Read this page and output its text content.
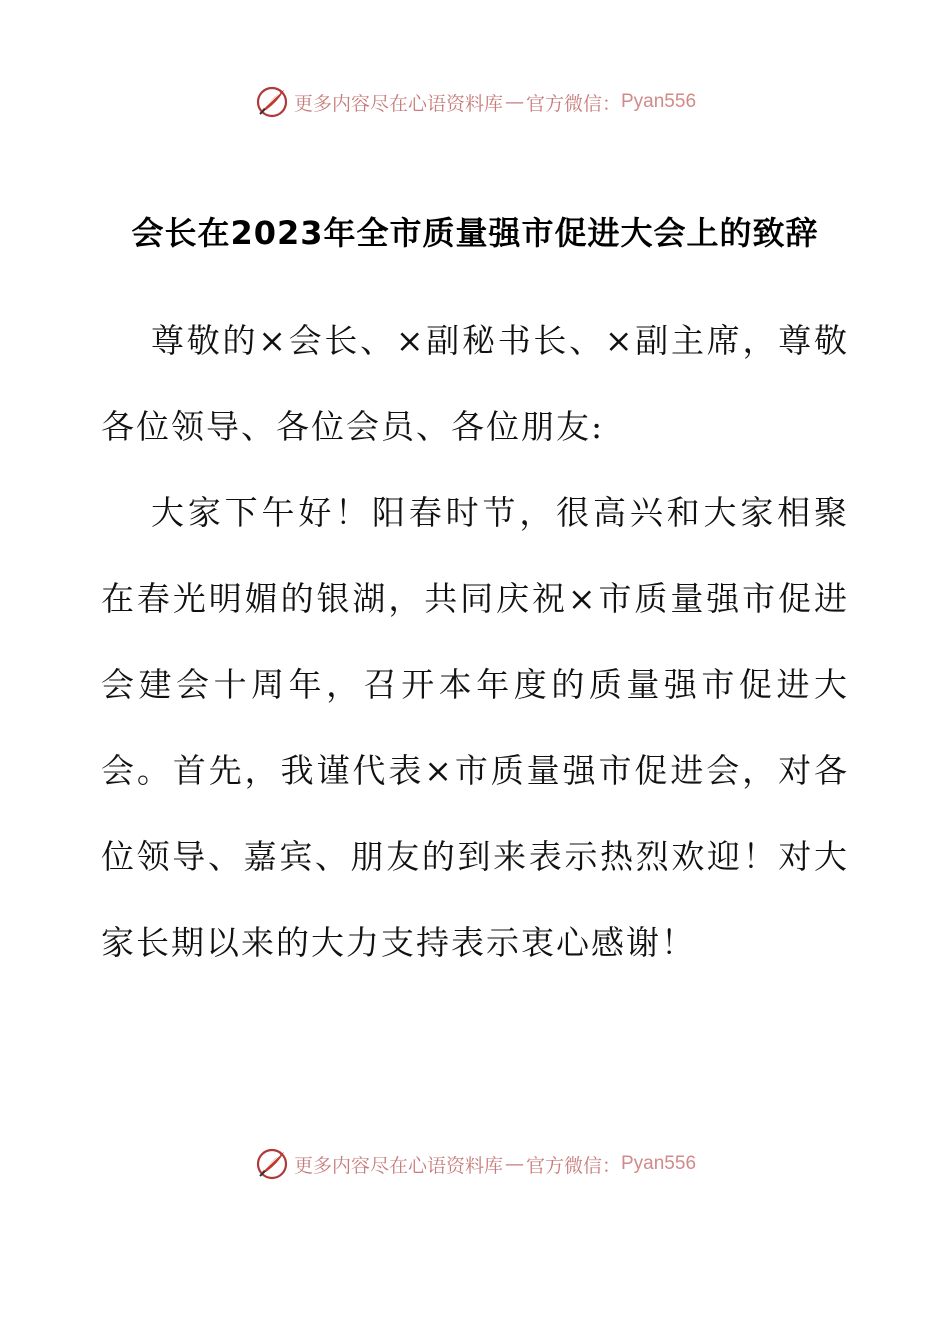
更多内容尽在心语资料库 — 官方微信： Pyan556
会长在2023年全市质量强市促进大会上的致辞

尊敬的×会长、×副秘书长、×副主席，尊敬各位领导、各位会员、各位朋友:

大家下午好！阳春时节，很高兴和大家相聚在春光明媚的银湖，共同庆祝×市质量强市促进会建会十周年，召开本年度的质量强市促进大会。首先，我谨代表×市质量强市促进会，对各位领导、嘉宾、朋友的到来表示热烈欢迎！对大家长期以来的大力支持表示衷心感谢！

更多内容尽在心语资料库 — 官方微信： Pyan556
